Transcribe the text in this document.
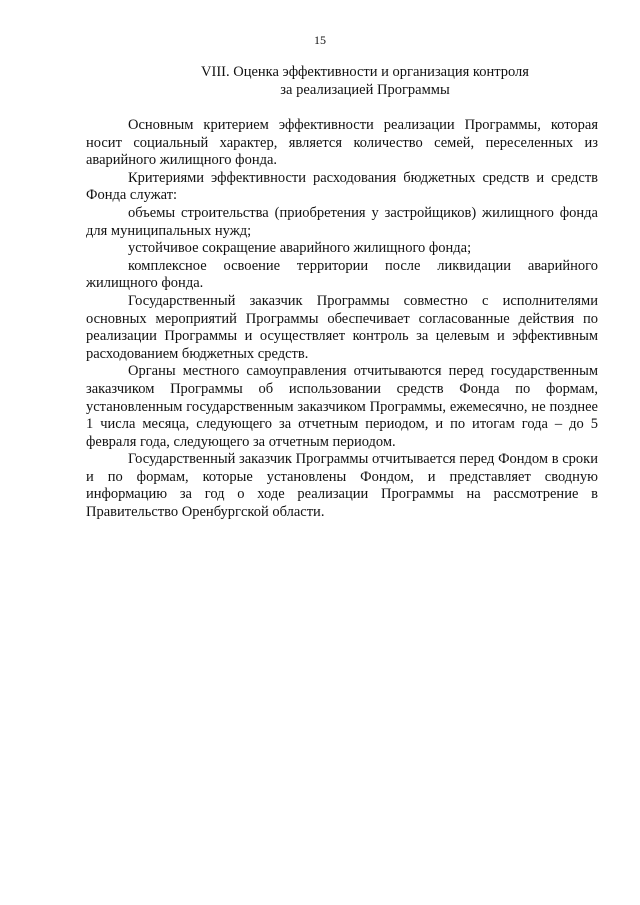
15
VIII. Оценка эффективности и организация контроля
за реализацией Программы

Основным критерием эффективности реализации Программы, которая носит социальный характер, является количество семей, переселенных из аварийного жилищного фонда.

Критериями эффективности расходования бюджетных средств и средств Фонда служат:

объемы строительства (приобретения у застройщиков) жилищного фонда для муниципальных нужд;

устойчивое сокращение аварийного жилищного фонда;

комплексное освоение территории после ликвидации аварийного жилищного фонда.

Государственный заказчик Программы совместно с исполнителями основных мероприятий Программы обеспечивает согласованные действия по реализации Программы и осуществляет контроль за целевым и эффективным расходованием бюджетных средств.

Органы местного самоуправления отчитываются перед государственным заказчиком Программы об использовании средств Фонда по формам, установленным государственным заказчиком Программы, ежемесячно, не позднее 1 числа месяца, следующего за отчетным периодом, и по итогам года – до 5 февраля года, следующего за отчетным периодом.

Государственный заказчик Программы отчитывается перед Фондом в сроки и по формам, которые установлены Фондом, и представляет сводную информацию за год о ходе реализации Программы на рассмотрение в Правительство Оренбургской области.
